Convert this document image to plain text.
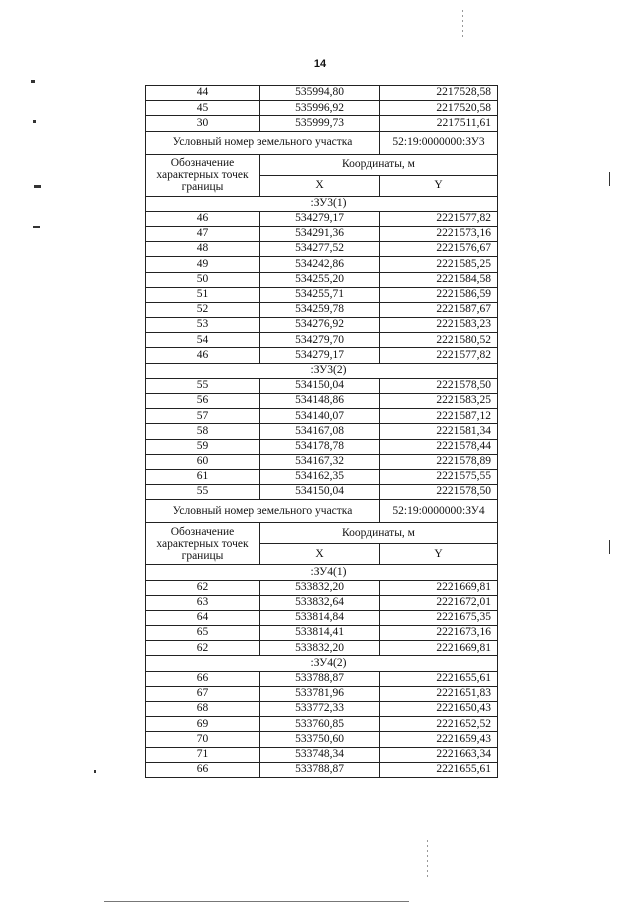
14
44	535994,80	2217528,58
45	535996,92	2217520,58
30	535999,73	2217511,61
Условный номер земельного участка		52:19:0000000:ЗУ3
Обозначение характерных точек границы	Координаты, м	
	X	Y
:ЗУ3(1)		
46	534279,17	2221577,82
47	534291,36	2221573,16
48	534277,52	2221576,67
49	534242,86	2221585,25
50	534255,20	2221584,58
51	534255,71	2221586,59
52	534259,78	2221587,67
53	534276,92	2221583,23
54	534279,70	2221580,52
46	534279,17	2221577,82
:ЗУ3(2)		
55	534150,04	2221578,50
56	534148,86	2221583,25
57	534140,07	2221587,12
58	534167,08	2221581,34
59	534178,78	2221578,44
60	534167,32	2221578,89
61	534162,35	2221575,55
55	534150,04	2221578,50
Условный номер земельного участка		52:19:0000000:ЗУ4
Обозначение характерных точек границы	Координаты, м	
	X	Y
:ЗУ4(1)		
62	533832,20	2221669,81
63	533832,64	2221672,01
64	533814,84	2221675,35
65	533814,41	2221673,16
62	533832,20	2221669,81
:ЗУ4(2)		
66	533788,87	2221655,61
67	533781,96	2221651,83
68	533772,33	2221650,43
69	533760,85	2221652,52
70	533750,60	2221659,43
71	533748,34	2221663,34
66	533788,87	2221655,61
